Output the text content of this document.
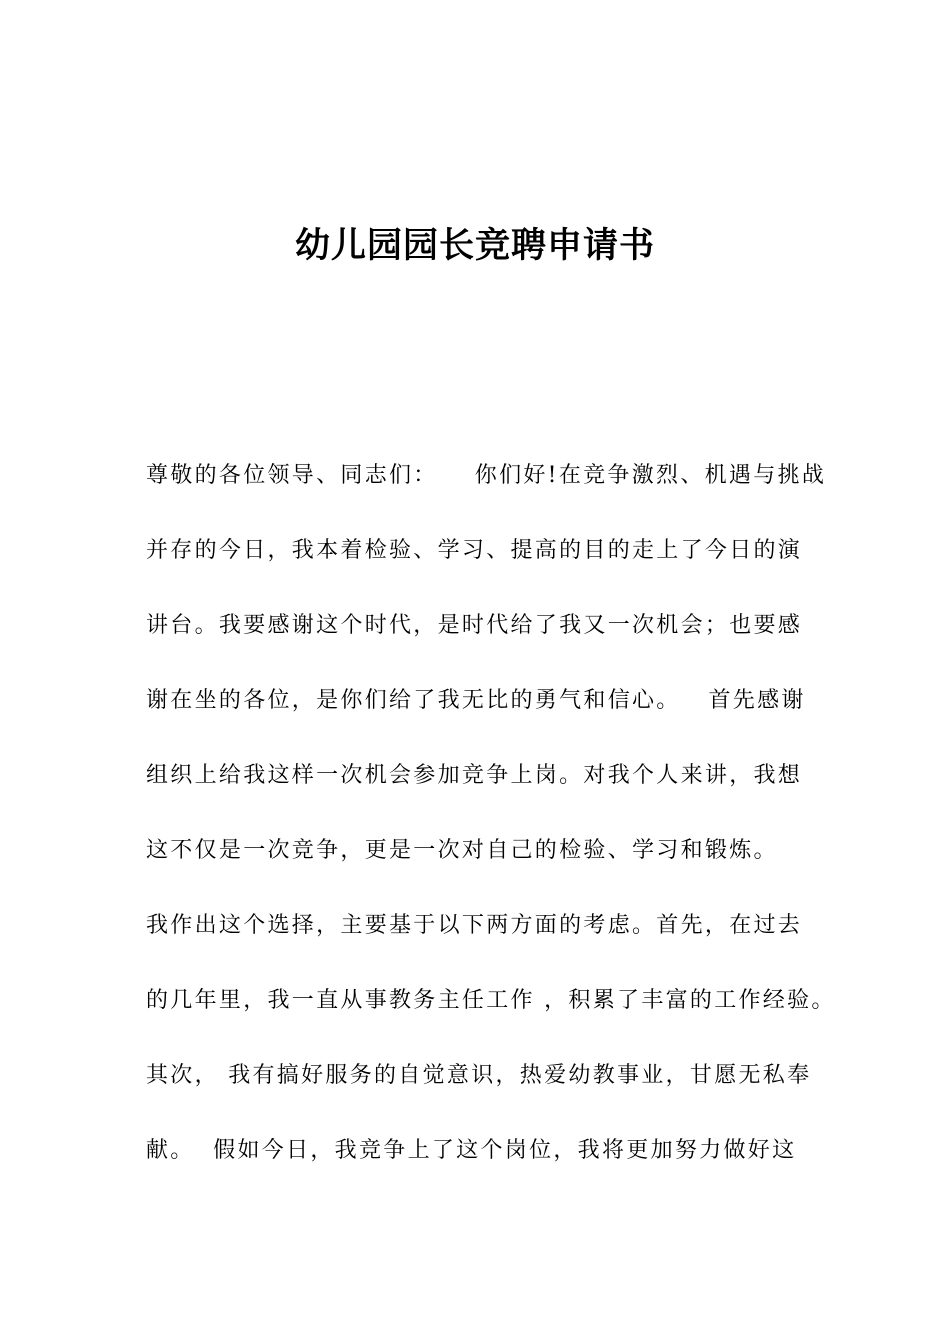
幼儿园园长竞聘申请书
尊敬的各位领导、同志们：    你们好!在竞争激烈、机遇与挑战
并存的今日，我本着检验、学习、提高的目的走上了今日的演
讲台。我要感谢这个时代，是时代给了我又一次机会；也要感
谢在坐的各位，是你们给了我无比的勇气和信心。   首先感谢
组织上给我这样一次机会参加竞争上岗。对我个人来讲，我想
这不仅是一次竞争，更是一次对自己的检验、学习和锻炼。
我作出这个选择，主要基于以下两方面的考虑。首先，在过去
的几年里，我一直从事教务主任工作 ，积累了丰富的工作经验。
其次， 我有搞好服务的自觉意识，热爱幼教事业，甘愿无私奉
献。  假如今日，我竞争上了这个岗位，我将更加努力做好这
